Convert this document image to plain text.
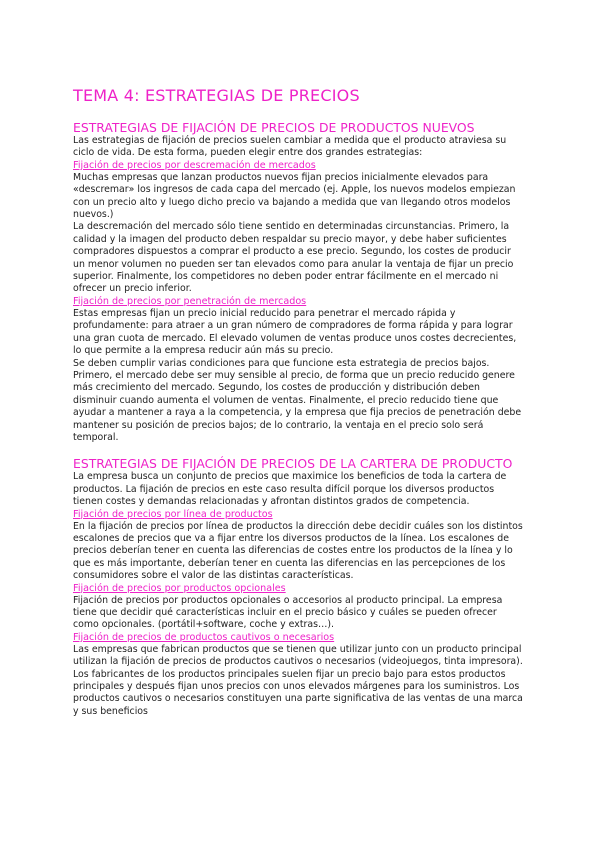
TEMA 4: ESTRATEGIAS DE PRECIOS
ESTRATEGIAS DE FIJACIÓN DE PRECIOS DE PRODUCTOS NUEVOS

Las estrategias de fijación de precios suelen cambiar a medida que el producto atraviesa su ciclo de vida. De esta forma, pueden elegir entre dos grandes estrategias:

Fijación de precios por descremación de mercados

Muchas empresas que lanzan productos nuevos fijan precios inicialmente elevados para «descremar» los ingresos de cada capa del mercado (ej. Apple, los nuevos modelos empiezan con un precio alto y luego dicho precio va bajando a medida que van llegando otros modelos nuevos.)

La descremación del mercado sólo tiene sentido en determinadas circunstancias. Primero, la calidad y la imagen del producto deben respaldar su precio mayor, y debe haber suficientes compradores dispuestos a comprar el producto a ese precio. Segundo, los costes de producir un menor volumen no pueden ser tan elevados como para anular la ventaja de fijar un precio superior. Finalmente, los competidores no deben poder entrar fácilmente en el mercado ni ofrecer un precio inferior.

Fijación de precios por penetración de mercados

Estas empresas fijan un precio inicial reducido para penetrar el mercado rápida y profundamente: para atraer a un gran número de compradores de forma rápida y para lograr una gran cuota de mercado. El elevado volumen de ventas produce unos costes decrecientes, lo que permite a la empresa reducir aún más su precio.

Se deben cumplir varias condiciones para que funcione esta estrategia de precios bajos. Primero, el mercado debe ser muy sensible al precio, de forma que un precio reducido genere más crecimiento del mercado. Segundo, los costes de producción y distribución deben disminuir cuando aumenta el volumen de ventas. Finalmente, el precio reducido tiene que ayudar a mantener a raya a la competencia, y la empresa que fija precios de penetración debe mantener su posición de precios bajos; de lo contrario, la ventaja en el precio solo será temporal.

ESTRATEGIAS DE FIJACIÓN DE PRECIOS DE LA CARTERA DE PRODUCTO

La empresa busca un conjunto de precios que maximice los beneficios de toda la cartera de productos. La fijación de precios en este caso resulta difícil porque los diversos productos tienen costes y demandas relacionadas y afrontan distintos grados de competencia.

Fijación de precios por línea de productos

En la fijación de precios por línea de productos la dirección debe decidir cuáles son los distintos escalones de precios que va a fijar entre los diversos productos de la línea. Los escalones de precios deberían tener en cuenta las diferencias de costes entre los productos de la línea y lo que es más importante, deberían tener en cuenta las diferencias en las percepciones de los consumidores sobre el valor de las distintas características.

Fijación de precios por productos opcionales

Fijación de precios por productos opcionales o accesorios al producto principal. La empresa tiene que decidir qué características incluir en el precio básico y cuáles se pueden ofrecer como opcionales. (portátil+software, coche y extras…).

Fijación de precios de productos cautivos o necesarios

Las empresas que fabrican productos que se tienen que utilizar junto con un producto principal utilizan la fijación de precios de productos cautivos o necesarios (videojuegos, tinta impresora). Los fabricantes de los productos principales suelen fijar un precio bajo para estos productos principales y después fijan unos precios con unos elevados márgenes para los suministros. Los productos cautivos o necesarios constituyen una parte significativa de las ventas de una marca y sus beneficios
